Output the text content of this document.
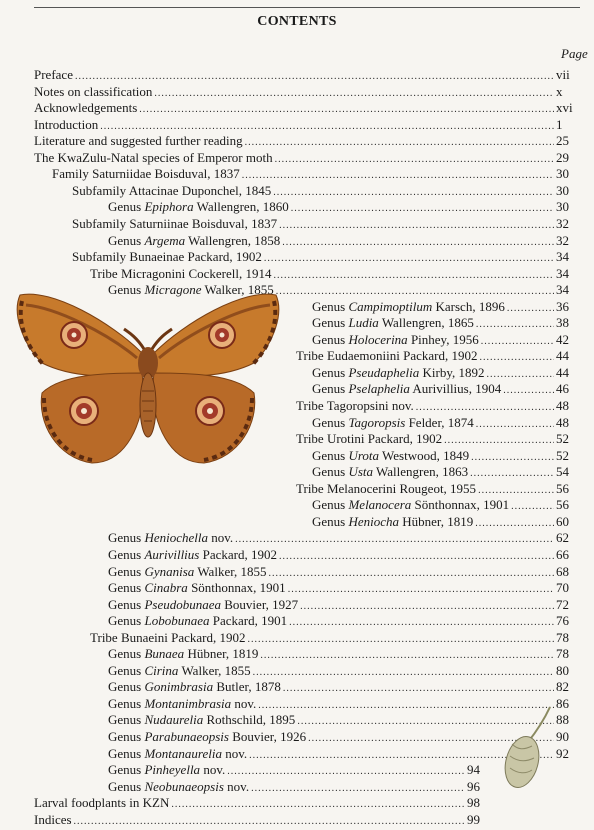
CONTENTS
Page
Preface .....	vii
Notes on classification .....	x
Acknowledgements .....	xvi
Introduction .....	1
Literature and suggested further reading .....	25
The KwaZulu-Natal species of Emperor moth .....	29
Family Saturniidae Boisduval, 1837 .....	30
Subfamily Attacinae Duponchel, 1845 .....	30
Genus Epiphora Wallengren, 1860 .....	30
Subfamily Saturniinae Boisduval, 1837 .....	32
Genus Argema Wallengren, 1858 .....	32
Subfamily Bunaeinae Packard, 1902 .....	34
Tribe Micragonini Cockerell, 1914 .....	34
Genus Micragone Walker, 1855 .....	34
Genus Campimoptilum Karsch, 1896 .....	36
Genus Ludia Wallengren, 1865 .....	38
Genus Holocerina Pinhey, 1956 .....	42
Tribe Eudaemoniini Packard, 1902 .....	44
Genus Pseudaphelia Kirby, 1892 .....	44
Genus Pselaphelia Aurivillius, 1904 .....	46
Tribe Tagoropsini nov. .....	48
Genus Tagoropsis Felder, 1874 .....	48
Tribe Urotini Packard, 1902 .....	52
Genus Urota Westwood, 1849 .....	52
Genus Usta Wallengren, 1863 .....	54
Tribe Melanocerini Rougeot, 1955 .....	56
Genus Melanocera Sönthonnax, 1901 .....	56
Genus Heniocha Hübner, 1819 .....	60
Genus Heniochella nov. .....	62
Genus Aurivillius Packard, 1902 .....	66
Genus Gynanisa Walker, 1855 .....	68
Genus Cinabra Sönthonnax, 1901 .....	70
Genus Pseudobunaea Bouvier, 1927 .....	72
Genus Lobobunaea Packard, 1901 .....	76
Tribe Bunaeini Packard, 1902 .....	78
Genus Bunaea Hübner, 1819 .....	78
Genus Cirina Walker, 1855 .....	80
Genus Gonimbrasia Butler, 1878 .....	82
Genus Montanimbrasia nov. .....	86
Genus Nudaurelia Rothschild, 1895 .....	88
Genus Parabunaeopsis Bouvier, 1926 .....	90
Genus Montanaurelia nov. .....	92
Genus Pinheyella nov. .....	94
Genus Neobunaeopsis nov. .....	96
Larval foodplants in KZN .....	98
Indices .....	99
